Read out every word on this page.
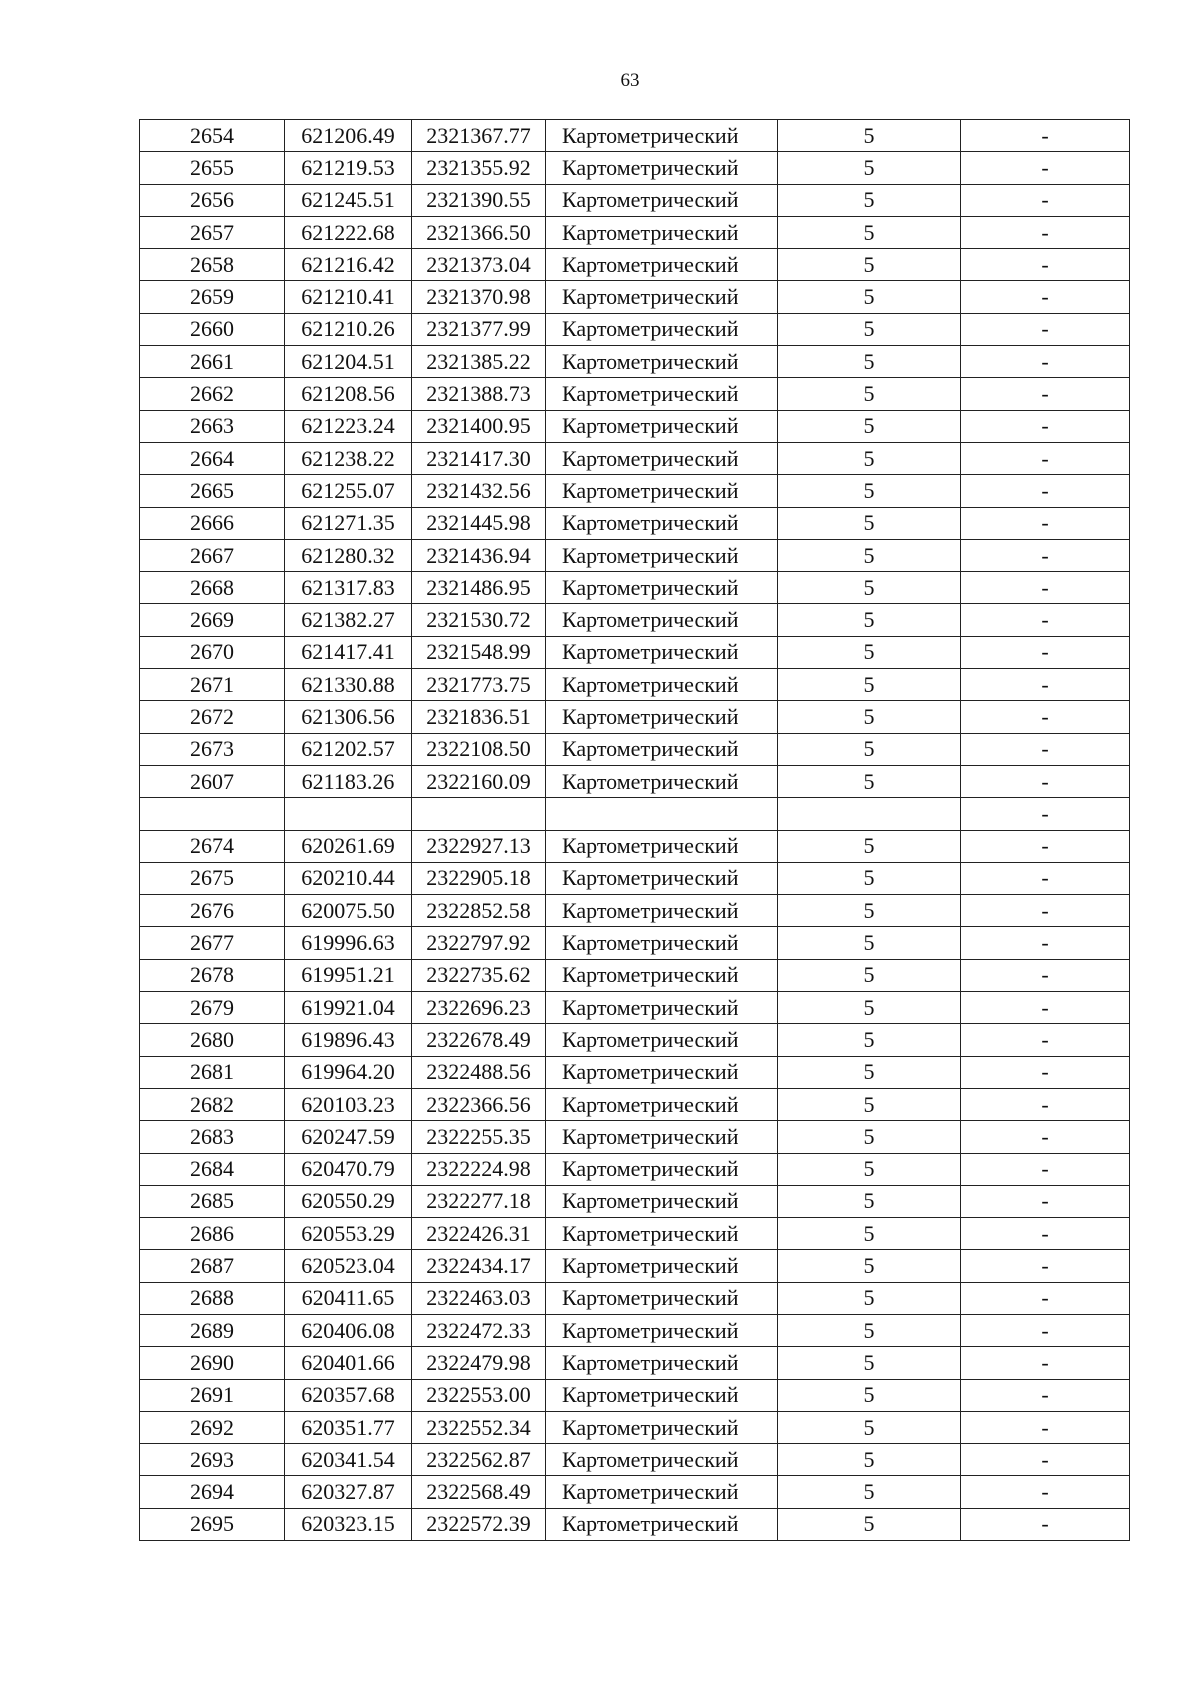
63
2654	621206.49	2321367.77	Картометрический	5	-
2655	621219.53	2321355.92	Картометрический	5	-
2656	621245.51	2321390.55	Картометрический	5	-
2657	621222.68	2321366.50	Картометрический	5	-
2658	621216.42	2321373.04	Картометрический	5	-
2659	621210.41	2321370.98	Картометрический	5	-
2660	621210.26	2321377.99	Картометрический	5	-
2661	621204.51	2321385.22	Картометрический	5	-
2662	621208.56	2321388.73	Картометрический	5	-
2663	621223.24	2321400.95	Картометрический	5	-
2664	621238.22	2321417.30	Картометрический	5	-
2665	621255.07	2321432.56	Картометрический	5	-
2666	621271.35	2321445.98	Картометрический	5	-
2667	621280.32	2321436.94	Картометрический	5	-
2668	621317.83	2321486.95	Картометрический	5	-
2669	621382.27	2321530.72	Картометрический	5	-
2670	621417.41	2321548.99	Картометрический	5	-
2671	621330.88	2321773.75	Картометрический	5	-
2672	621306.56	2321836.51	Картометрический	5	-
2673	621202.57	2322108.50	Картометрический	5	-
2607	621183.26	2322160.09	Картометрический	5	-
					-
2674	620261.69	2322927.13	Картометрический	5	-
2675	620210.44	2322905.18	Картометрический	5	-
2676	620075.50	2322852.58	Картометрический	5	-
2677	619996.63	2322797.92	Картометрический	5	-
2678	619951.21	2322735.62	Картометрический	5	-
2679	619921.04	2322696.23	Картометрический	5	-
2680	619896.43	2322678.49	Картометрический	5	-
2681	619964.20	2322488.56	Картометрический	5	-
2682	620103.23	2322366.56	Картометрический	5	-
2683	620247.59	2322255.35	Картометрический	5	-
2684	620470.79	2322224.98	Картометрический	5	-
2685	620550.29	2322277.18	Картометрический	5	-
2686	620553.29	2322426.31	Картометрический	5	-
2687	620523.04	2322434.17	Картометрический	5	-
2688	620411.65	2322463.03	Картометрический	5	-
2689	620406.08	2322472.33	Картометрический	5	-
2690	620401.66	2322479.98	Картометрический	5	-
2691	620357.68	2322553.00	Картометрический	5	-
2692	620351.77	2322552.34	Картометрический	5	-
2693	620341.54	2322562.87	Картометрический	5	-
2694	620327.87	2322568.49	Картометрический	5	-
2695	620323.15	2322572.39	Картометрический	5	-
